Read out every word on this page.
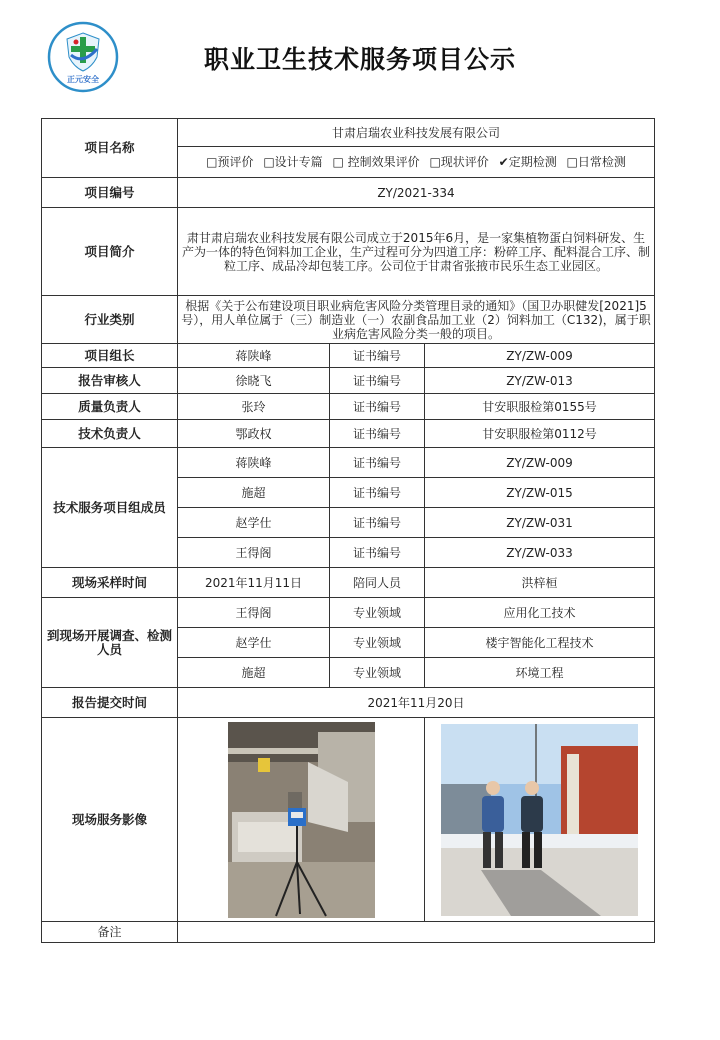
正元安全
职业卫生技术服务项目公示
项目名称	甘肃启瑞农业科技发展有限公司		
	□预评价 □设计专篇 □ 控制效果评价 □现状评价 ✔定期检测 □日常检测		
项目编号	ZY/2021-334		
项目简介	肃甘肃启瑞农业科技发展有限公司成立于2015年6月，是一家集植物蛋白饲料研发、生产为一体的特色饲料加工企业，生产过程可分为四道工序：粉碎工序、配料混合工序、制粒工序、成品冷却包装工序。公司位于甘肃省张掖市民乐生态工业园区。		
行业类别	根据《关于公布建设项目职业病危害风险分类管理目录的通知》（国卫办职健发[2021]5号），用人单位属于（三）制造业（一）农副食品加工业（2）饲料加工（C132)，属于职业病危害风险分类一般的项目。		
项目组长	蒋陕峰	证书编号	ZY/ZW-009
报告审核人	徐晓飞	证书编号	ZY/ZW-013
质量负责人	张玲	证书编号	甘安职服检第0155号
技术负责人	鄂政权	证书编号	甘安职服检第0112号
技术服务项目组成员	蒋陕峰	证书编号	ZY/ZW-009
	施超	证书编号	ZY/ZW-015
	赵学仕	证书编号	ZY/ZW-031
	王得阁	证书编号	ZY/ZW-033
现场采样时间	2021年11月11日	陪同人员	洪梓桓
到现场开展调查、检测人员	王得阁	专业领域	应用化工技术
	赵学仕	专业领域	楼宇智能化工程技术
	施超	专业领域	环境工程
报告提交时间	2021年11月20日		
现场服务影像	

备注			
